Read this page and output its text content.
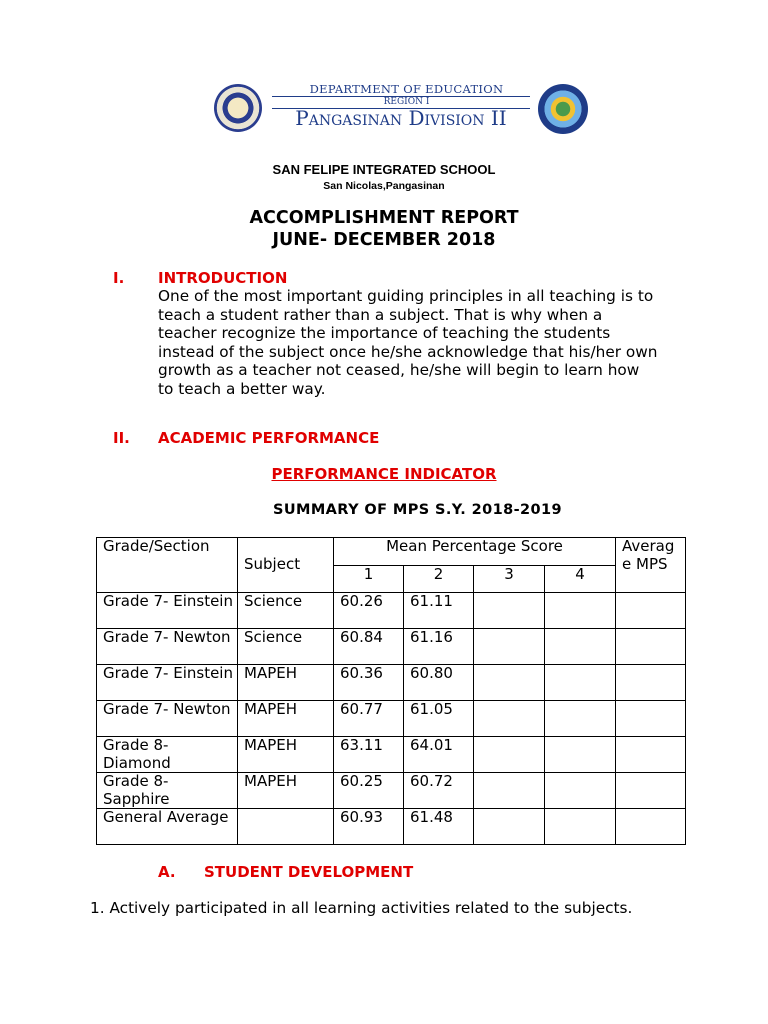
DEPARTMENT OF EDUCATION
REGION I
Pangasinan Division II
SAN FELIPE INTEGRATED SCHOOL
San Nicolas,Pangasinan
ACCOMPLISHMENT REPORT
JUNE- DECEMBER 2018
I. INTRODUCTION
One of the most important guiding principles in all teaching is to teach a student rather than a subject. That is why when a teacher recognize the importance of teaching the students instead of the subject once he/she acknowledge that his/her own growth as a teacher not ceased, he/she will begin to learn how to teach a better way.
II. ACADEMIC PERFORMANCE
PERFORMANCE INDICATOR
SUMMARY OF MPS S.Y. 2018-2019
Grade/Section	Subject	Mean Percentage Score				Average MPS
		1	2	3	4	
Grade 7- Einstein	Science	60.26	61.11			
Grade 7- Newton	Science	60.84	61.16			
Grade 7- Einstein	MAPEH	60.36	60.80			
Grade 7- Newton	MAPEH	60.77	61.05			
Grade 8- Diamond	MAPEH	63.11	64.01			
Grade 8- Sapphire	MAPEH	60.25	60.72			
General Average		60.93	61.48			
A. STUDENT DEVELOPMENT
1. Actively participated in all learning activities related to the subjects.
